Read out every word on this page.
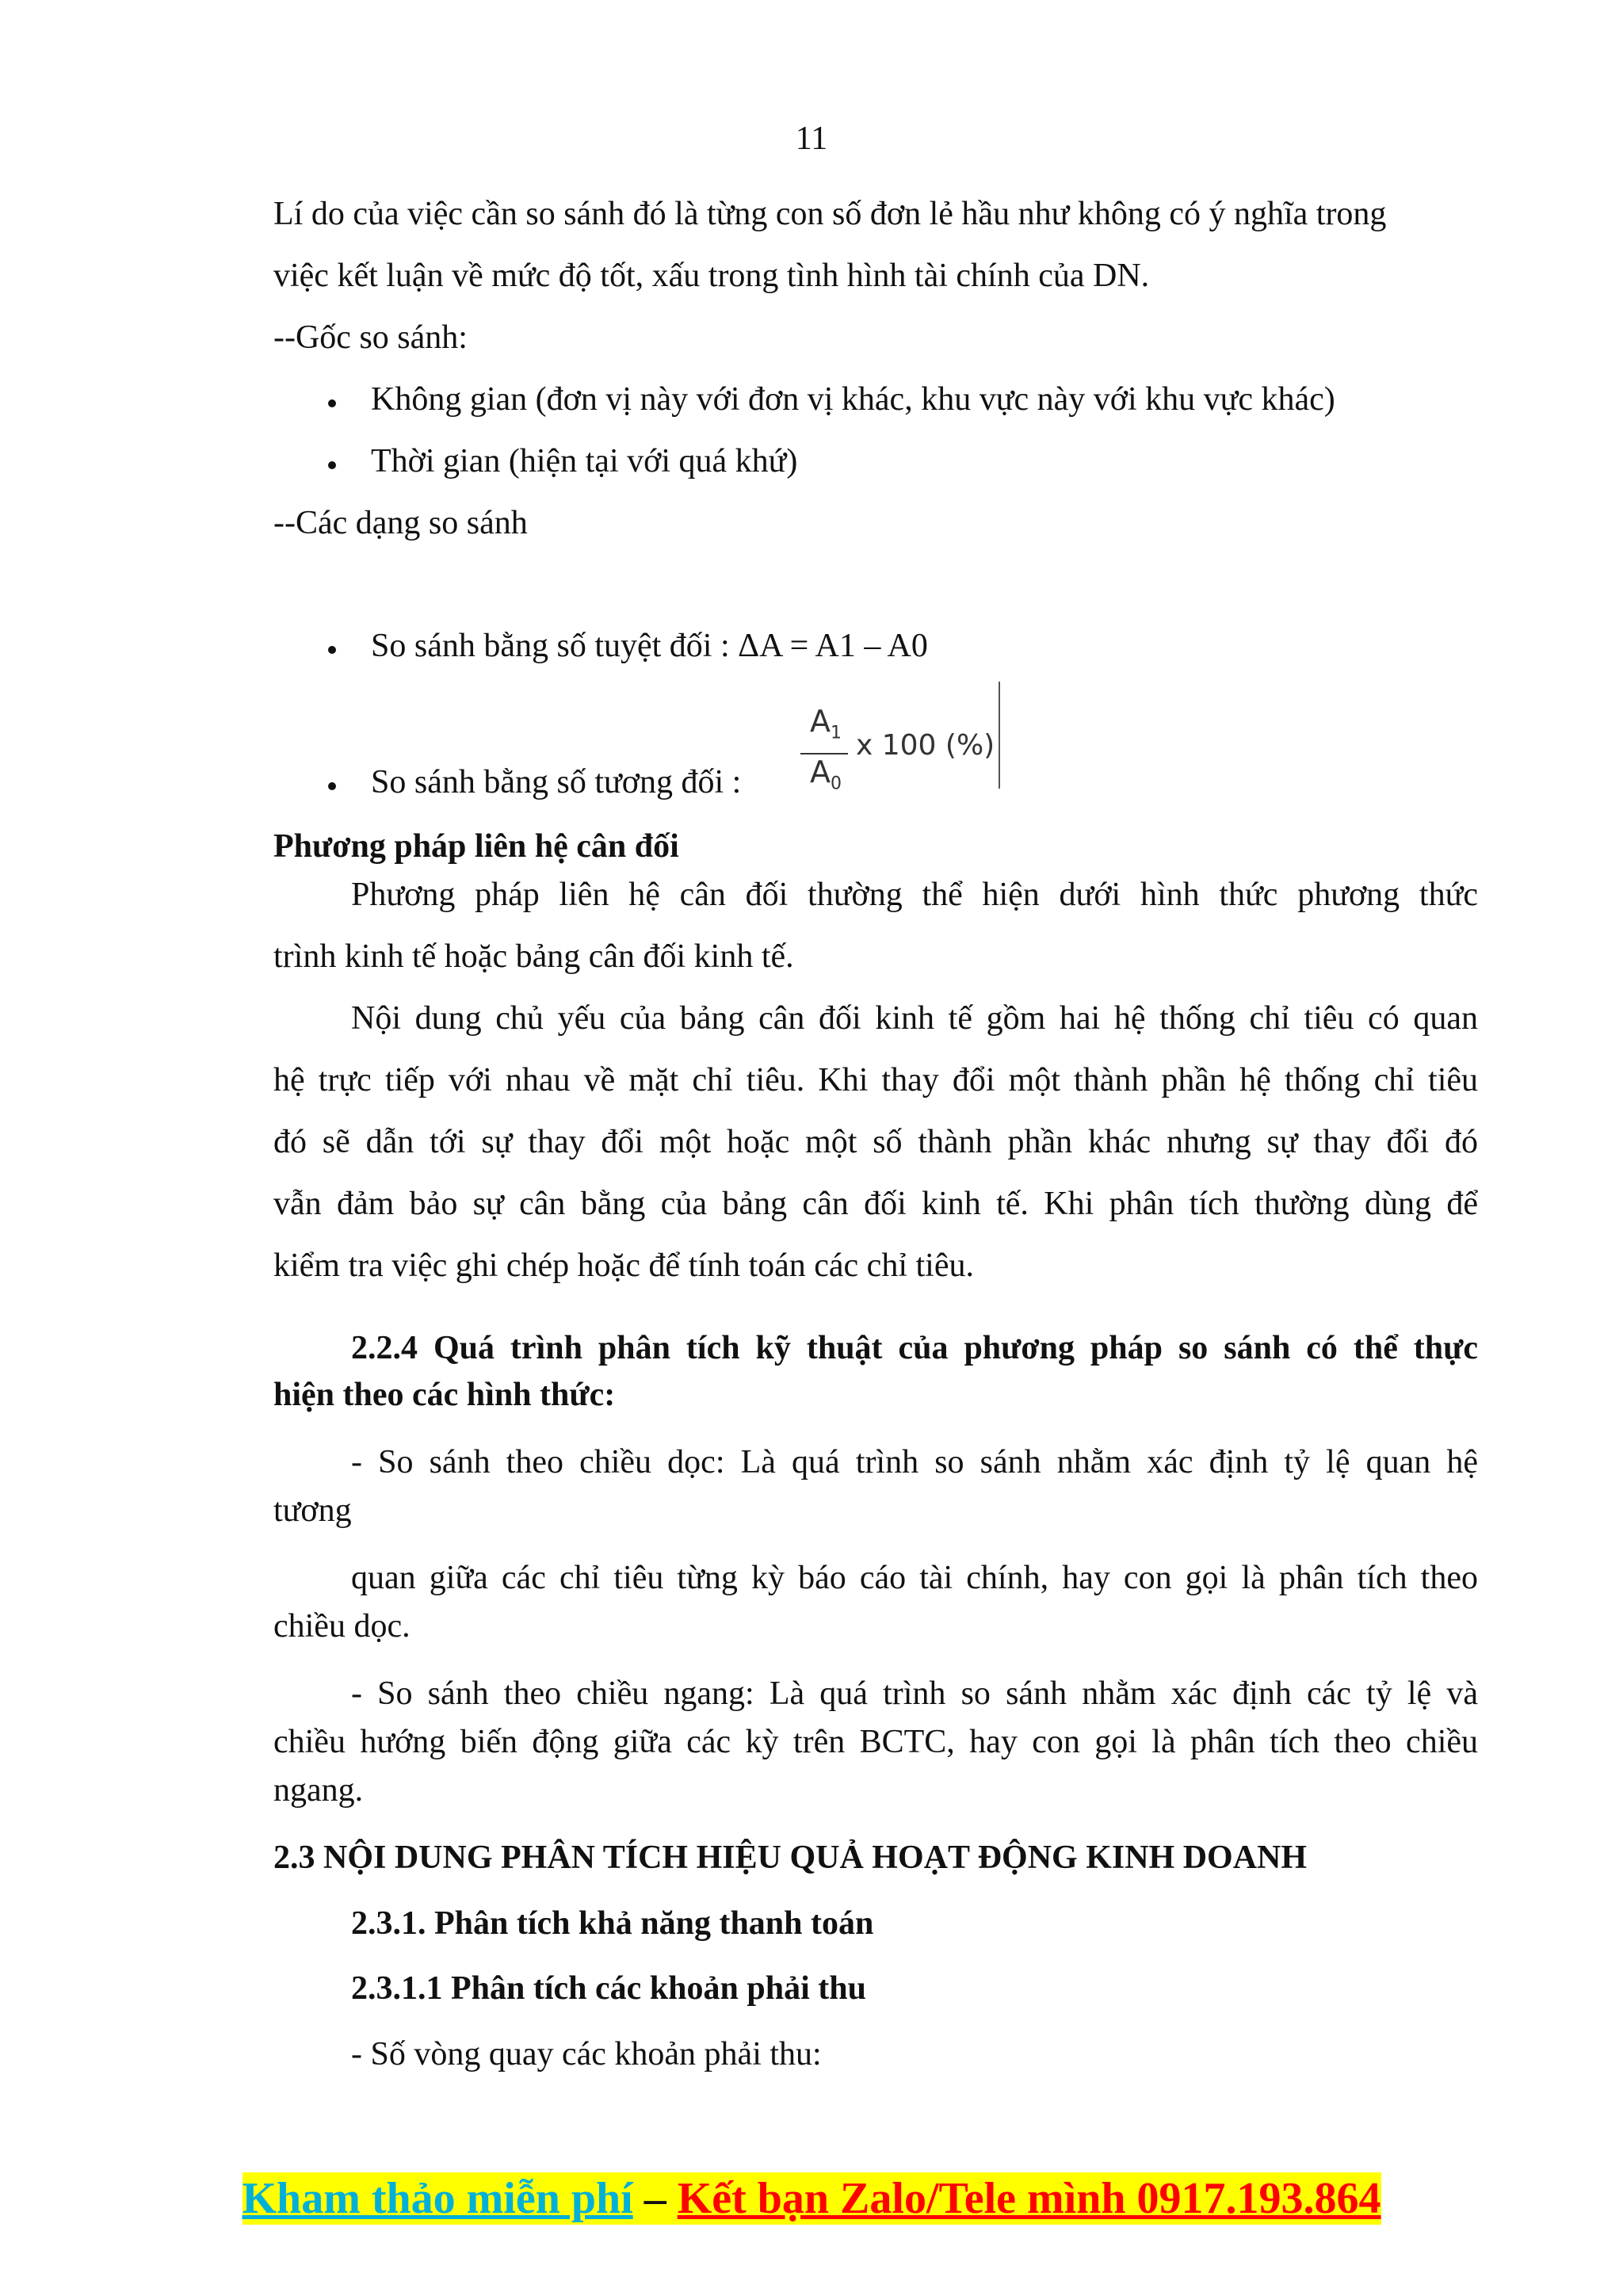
11
Lí do của việc cần so sánh đó là từng con số đơn lẻ hầu như không có ý nghĩa trong
việc kết luận về mức độ tốt, xấu trong tình hình tài chính của DN.
--Gốc so sánh:
Không gian (đơn vị này với đơn vị khác, khu vực này với khu vực khác)
Thời gian (hiện tại với quá khứ)
--Các dạng so sánh
So sánh bằng số tuyệt đối : ΔA = A1 – A0
So sánh bằng số tương đối :
$A_1$
$A_0$
x 100 (%)
Phương pháp liên hệ cân đối
Phương pháp liên hệ cân đối thường thể hiện dưới hình thức phương thức
trình kinh tế hoặc bảng cân đối kinh tế.
Nội dung chủ yếu của bảng cân đối kinh tế gồm hai hệ thống chỉ tiêu có quan
hệ trực tiếp với nhau về mặt chỉ tiêu. Khi thay đổi một thành phần hệ thống chỉ tiêu
đó sẽ dẫn tới sự thay đổi một hoặc một số thành phần khác nhưng sự thay đổi đó
vẫn đảm bảo sự cân bằng của bảng cân đối kinh tế. Khi phân tích thường dùng để
kiểm tra việc ghi chép hoặc để tính toán các chỉ tiêu.
2.2.4 Quá trình phân tích kỹ thuật của phương pháp so sánh có thể thực
hiện theo các hình thức:
- So sánh theo chiều dọc: Là quá trình so sánh nhằm xác định tỷ lệ quan hệ
tương
quan giữa các chỉ tiêu từng kỳ báo cáo tài chính, hay con gọi là phân tích theo
chiều dọc.
- So sánh theo chiều ngang: Là quá trình so sánh nhằm xác định các tỷ lệ và
chiều hướng biến động giữa các kỳ trên BCTC, hay con gọi là phân tích theo chiều
ngang.
2.3 NỘI DUNG PHÂN TÍCH HIỆU QUẢ HOẠT ĐỘNG KINH DOANH
2.3.1. Phân tích khả năng thanh toán
2.3.1.1 Phân tích các khoản phải thu
- Số vòng quay các khoản phải thu:
Kham thảo miễn phí – Kết bạn Zalo/Tele mình 0917.193.864
